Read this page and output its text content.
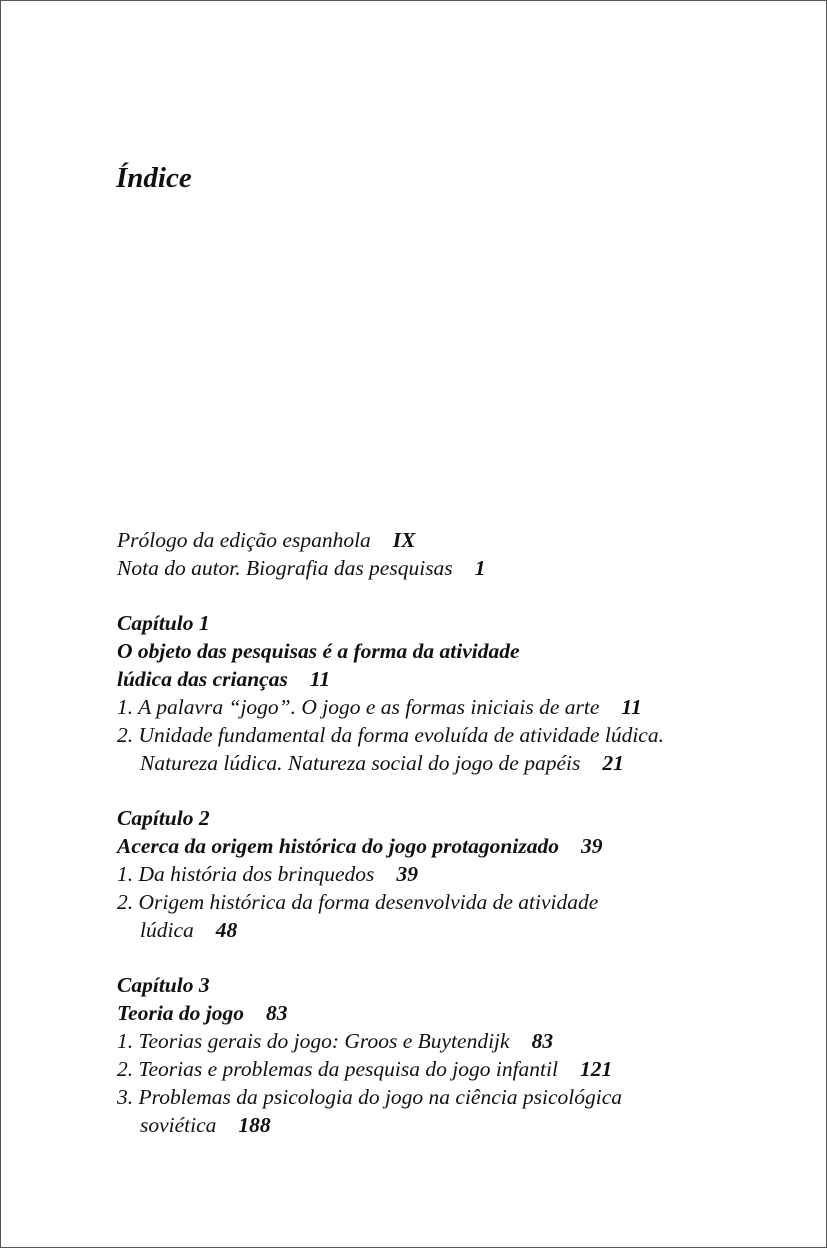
Índice
Prólogo da edição espanhola IX
Nota do autor. Biografia das pesquisas 1
Capítulo 1
O objeto das pesquisas é a forma da atividade
lúdica das crianças 11
1. A palavra “jogo”. O jogo e as formas iniciais de arte 11
2. Unidade fundamental da forma evoluída de atividade lúdica.
Natureza lúdica. Natureza social do jogo de papéis 21
Capítulo 2
Acerca da origem histórica do jogo protagonizado 39
1. Da história dos brinquedos 39
2. Origem histórica da forma desenvolvida de atividade
lúdica 48
Capítulo 3
Teoria do jogo 83
1. Teorias gerais do jogo: Groos e Buytendijk 83
2. Teorias e problemas da pesquisa do jogo infantil 121
3. Problemas da psicologia do jogo na ciência psicológica
soviética 188
